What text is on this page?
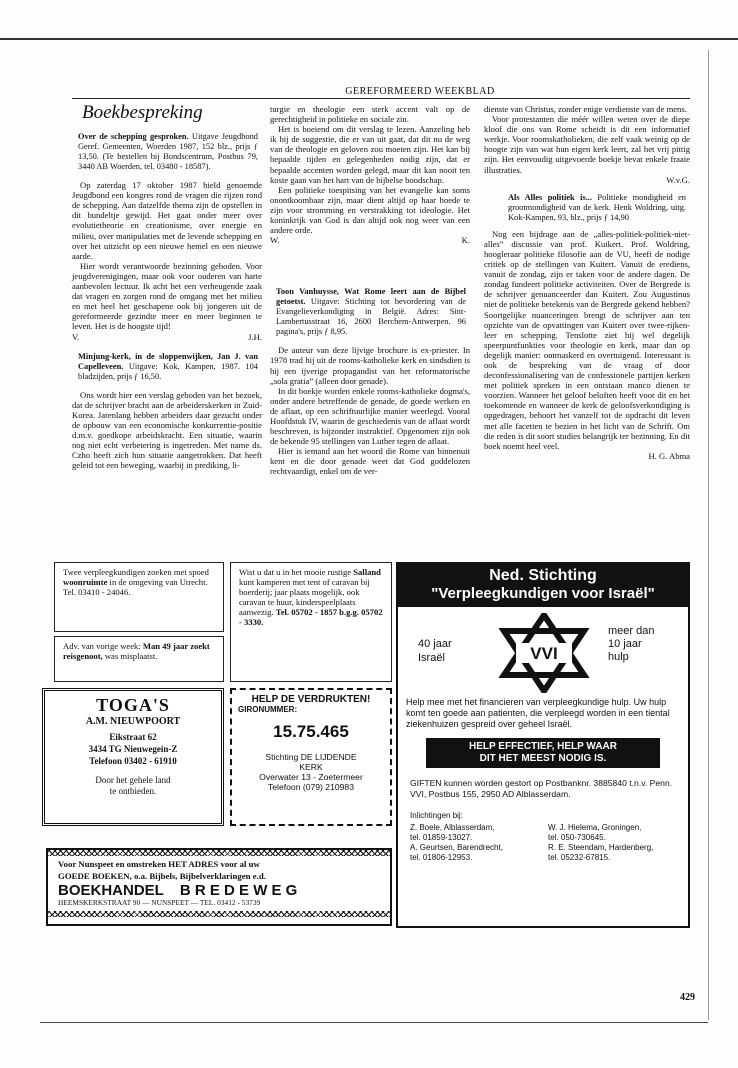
GEREFORMEERD WEEKBLAD
Boekbespreking
Over de schepping gesproken. Uitgave Jeugdbond Geref. Gemeenten, Woerden 1987, 152 blz., prijs ƒ 13,50. (Te bestellen bij Bondscentrum, Postbus 79, 3440 AB Woerden, tel. 03480 - 18587).

Op zaterdag 17 oktober 1987 hield genoemde Jeugdbond een kongres rond de vragen die rijzen rond de schepping. Aan datzelfde thema zijn de opstellen in dit bundeltje gewijd. Het gaat onder meer over evolutietheorie en creationisme, over energie en milieu, over manipulaties met de levende schepping en over het uitzicht op een nieuwe hemel en een nieuwe aarde.

Hier wordt verantwoorde bezinning geboden. Voor jeugdverenigingen, maar ook voor ouderen van harte aanbevolen lectuur. Ik acht het een verheugende zaak dat vragen en zorgen rond de omgang met het milieu en met heel het geschapene ook bij jongeren uit de gereformeerde gezindte meer en meer beginnen te leven. Het is de hoogste tijd!

V.	J.H.
Minjung-kerk, in de sloppenwijken, Jan J. van Capelleveen. Uitgave: Kok, Kampen, 1987. 104 bladzijden, prijs ƒ 16,50.

Ons wordt hier een verslag geboden van het bezoek, dat de schrijver bracht aan de arbeiderskerken in Zuid-Korea. Jarenlang hebben arbeiders daar gezucht onder de opbouw van een economische konkurrentie-positie d.m.v. goedkope arbeidskracht. Een situatie, waarin nog niet echt verbetering is ingetreden. Met name ds. Czho heeft zich hun situatie aangetrokken. Dat heeft geleid tot een beweging, waarbij in prediking, li-

turgie en theologie een sterk accent valt op de gerechtigheid in politieke en sociale zin.

Het is boeiend om dit verslag te lezen. Aanzeling heb ik bij de suggestie, die er van uit gaat, dat dit nu de weg van de theologie en geloven zou moeten zijn. Het kan bij bepaalde tijden en gelegenheden nodig zijn, dat er bepaalde accenten worden gelegd, maar dit kan nooit ten koste gaan van het hart van de bijbelse boodschap.

Een politieke toespitsing van het evangelie kan soms onontkoombaar zijn, maar dient altijd op haar hoede te zijn voor stromming en verstrakking tot ideologie. Het koninkrijk van God is dan altijd ook nog weer van een andere orde.

W.	K.
Toon Vanhuysse, Wat Rome leert aan de Bijbel getoetst. Uitgave: Stichting tot bevordering van de Evangelieverkondiging in België. Adres: Sint-Lambertusstraat 16, 2600 Berchem-Antwerpen. 96 pagina's, prijs ƒ 8,95.

De auteur van deze lijvige brochure is ex-priester. In 1978 trad hij uit de rooms-katholieke kerk en sindsdien is hij een ijverige propagandist van het reformatorische „sola gratia” (alleen door genade).

In dit boekje worden enkele rooms-katholieke dogma's, onder andere betreffende de genade, de goede werken en de aflaat, op een schriftuurlijke manier weerlegd. Vooral Hoofdstuk IV, waarin de geschiedenis van de aflaat wordt beschreven, is bijzonder instruktief. Opgenomen zijn ook de bekende 95 stellingen van Luther tegen de aflaat.

Hier is iemand aan het woord die Rome van binnenuit kent en die door genade weet dat God goddelozen rechtvaardigt, enkel om de ver-

dienste van Christus, zonder enige verdienste van de mens.

Voor protestanten die méér willen weten over de diepe kloof die ons van Rome scheidt is dit een informatief werkje. Voor roomskatholieken, die zelf vaak weinig op de hoogte zijn van wat hun eigen kerk leert, zal het vrij pittig zijn. Het eenvoudig uitgevoerde boekje bevat enkele fraaie illustraties.

W.v.G.
Als Alles politiek is... Politieke mondigheid en grootmondigheid van de kerk. Henk Woldring, uitg. Kok-Kampen, 93, blz., prijs ƒ 14,90

Nog een bijdrage aan de „alles-politiek-politiek-niet-alles” discussie van prof. Kuikert. Prof. Woldring, hoogleraar politieke filosofie aan de VU, heeft de nodige critiek op de stellingen van Kuitert. Vanuit de erediens, vanuit de zondag, zijn er taken voor de andere dagen. De zondag fundeert politieke activiteiten. Over de Bergrede is de schrijver genuanceerder dan Kuitert. Zou Augustinus niet de politieke betekenis van de Bergrede gekend hebben? Soortgelijke nuanceringen brengt de schrijver aan ten opzichte van de opvattingen van Kuitert over twee-rijken-leer en schepping. Tenslotte ziet hij wel degelijk speerpuntfunkties voor theologie en kerk, maar dan op degelijk manier: ontmaskerd en overtuigend. Interessant is ook de bespreking van de vraag of door deconfessionalisering van de confessionele partijen kerken met politiek spreken in een ontstaan manco dienen te voorzien. Wanneer het geloof beloften heeft voor dit en het toekomende en wanneer de kerk de geloofsverkondiging is opgedragen, behoort het vanzelf tot de opdracht dit leven met alle facetten te bezien in het licht van de Schrift. Om die reden is dit soort studies belangrijk ter bezinning. En dit boek noemt heel veel.

H. G. Abma
Twee verpleegkundigen zoeken met spoed woonruimte in de omgeving van Utrecht. Tel. 03410 - 24046.
Adv. van vorige week: Man 49 jaar zoekt reisgenoot, was misplaatst.
Wist u dat u in het mooie rustige Salland kunt kamperen met tent of caravan bij boerderij; jaar plaats mogelijk, ook caravan te huur, kinderspeelplaats aanwezig. Tel. 05702 - 1857 b.g.g. 05702 - 3330.
TOGA'S
A.M. NIEUWPOORT
Eikstraat 62
3434 TG Nieuwegein-Z
Telefoon 03402 - 61910
Door het gehele land
te ontbieden.
HELP DE VERDRUKTEN!
GIRONUMMER:
15.75.465
Stichting DE LIJDENDE
KERK
Overwater 13 - Zoetermeer
Telefoon (079) 210983
Voor Nunspeet en omstreken HET ADRES voor al uw
GOEDE BOEKEN, o.a. Bijbels, Bijbelverklaringen e.d.
BOEKHANDEL B R E D E W E G
HEEMSKERKSTRAAT 90 — NUNSPEET — TEL. 03412 - 53739
Ned. Stichting
"Verpleegkundigen voor Israël"
40 jaar
Israël	VVI
meer dan
10 jaar
hulp
Help mee met het financieren van verpleegkundige hulp. Uw hulp komt ten goede aan patienten, die verpleegd worden in een tiental ziekenhuizen gespreid over geheel Israël.
HELP EFFECTIEF, HELP WAAR
DIT HET MEEST NODIG IS.
GIFTEN kunnen worden gestort op Postbanknr. 3885840 t.n.v. Penn. VVI, Postbus 155, 2950 AD Alblasserdam.
Inlichtingen bij:
Z. Boele, Alblasserdam,
tel. 01859-13027.
A. Geurtsen, Barendrecht,
tel. 01806-12953.
W. J. Hielema, Groningen,
tel. 050-730645.
R. E. Steendam, Hardenberg,
tel. 05232-67815.
429
